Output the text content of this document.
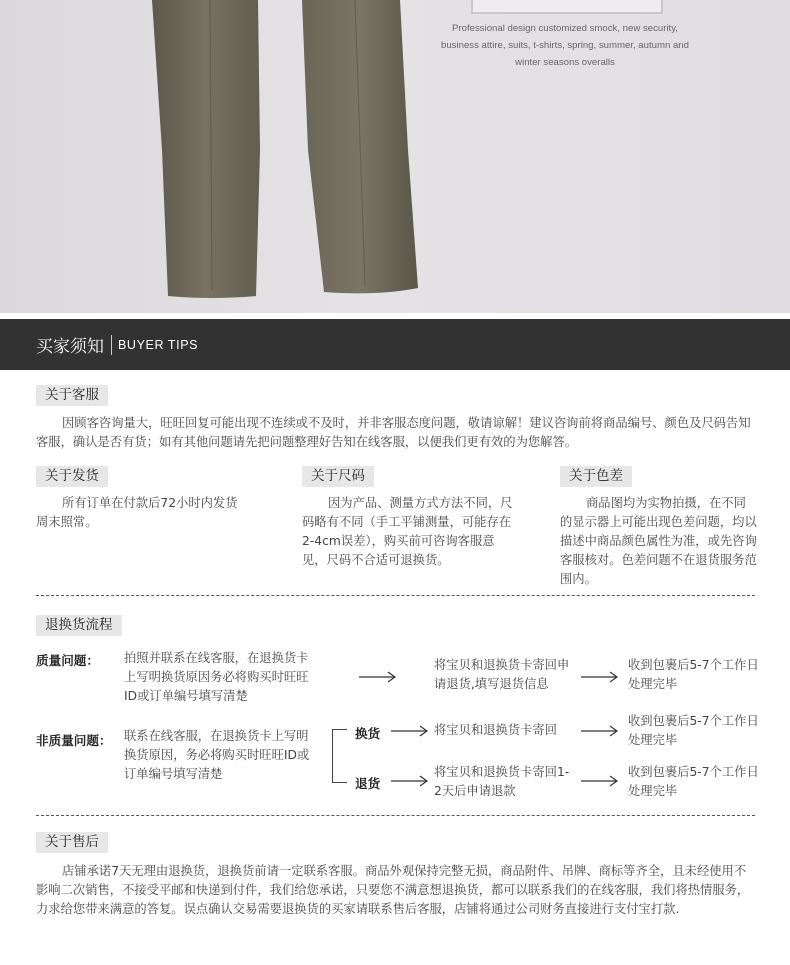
Professional design customized smock, new security, business attire, suits, t-shirts, spring, summer, autumn and winter seasons overalls
买家须知 BUYER TIPS
关于客服
因顾客咨询量大，旺旺回复可能出现不连续或不及时，并非客服态度问题，敬请谅解！建议咨询前将商品编号、颜色及尺码告知客服，确认是否有货；如有其他问题请先把问题整理好告知在线客服，以便我们更有效的为您解答。
关于发货
所有订单在付款后72小时内发货周末照常。
关于尺码
因为产品、测量方式方法不同，尺码略有不同（手工平铺测量，可能存在2-4cm误差），购买前可咨询客服意见，尺码不合适可退换货。
关于色差
商品图均为实物拍摄，在不同的显示器上可能出现色差问题，均以描述中商品颜色属性为准，或先咨询客服核对。色差问题不在退货服务范围内。
退换货流程
质量问题： 拍照并联系在线客服，在退换货卡上写明换货原因务必将购买时旺旺ID或订单编号填写清楚
将宝贝和退换货卡寄回申请退货,填写退货信息
收到包裹后5-7个工作日处理完毕
非质量问题： 联系在线客服，在退换货卡上写明换货原因，务必将购买时旺旺ID或订单编号填写清楚
换货	将宝贝和退换货卡寄回
收到包裹后5-7个工作日处理完毕
退货
将宝贝和退换货卡寄回1-2天后申请退款
收到包裹后5-7个工作日处理完毕
关于售后
店铺承诺7天无理由退换货，退换货前请一定联系客服。商品外观保持完整无损，商品附件、吊牌、商标等齐全，且未经使用不影响二次销售，不接受平邮和快递到付件，我们给您承诺，只要您不满意想退换货，都可以联系我们的在线客服，我们将热情服务，力求给您带来满意的答复。误点确认交易需要退换货的买家请联系售后客服，店铺将通过公司财务直接进行支付宝打款.
